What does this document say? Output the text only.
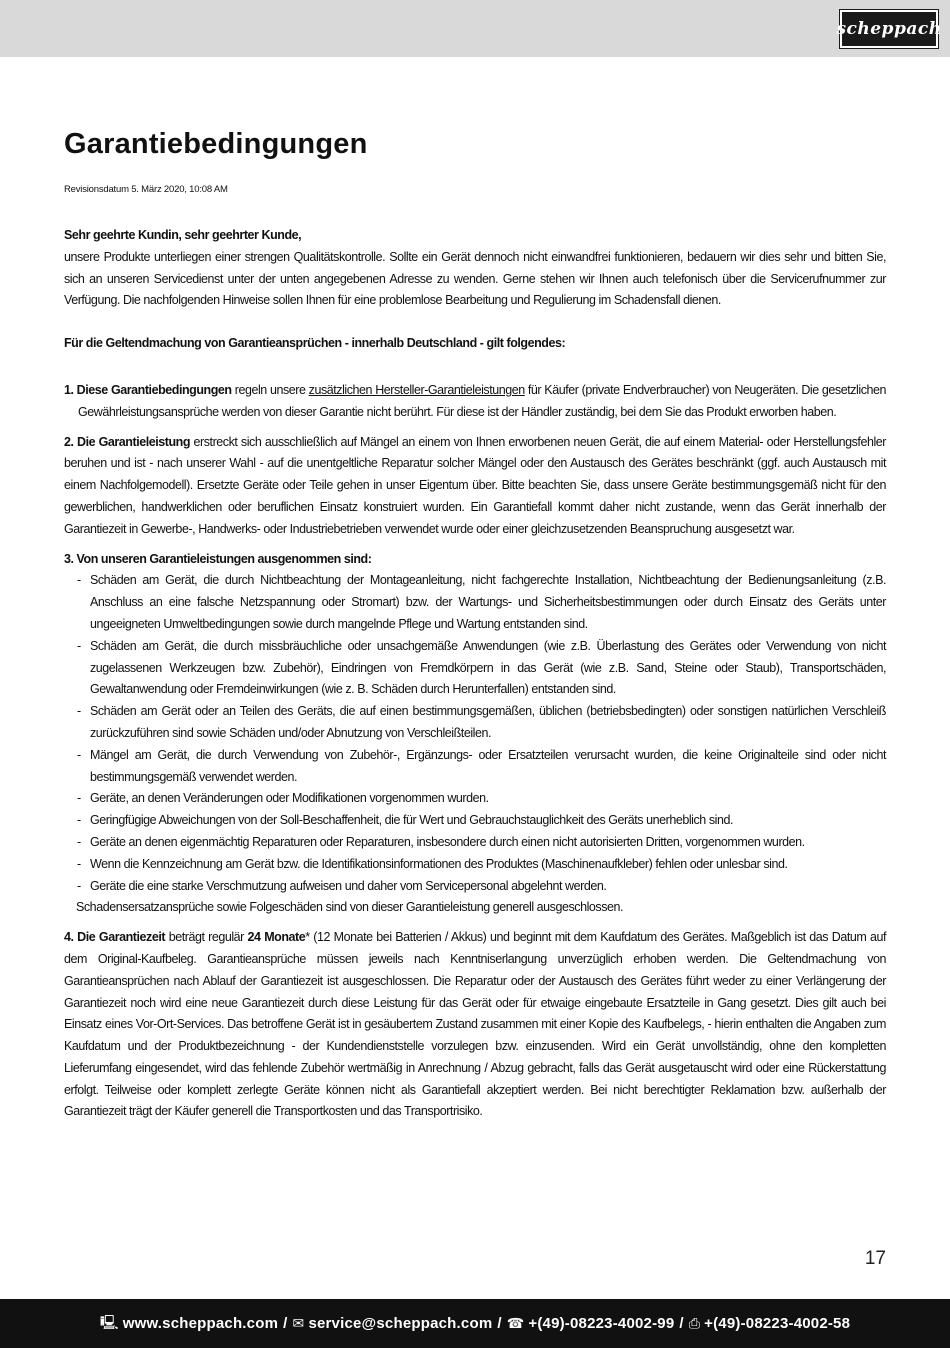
scheppach
Garantiebedingungen
Revisionsdatum 5. März 2020, 10:08 AM

Sehr geehrte Kundin, sehr geehrter Kunde,

unsere Produkte unterliegen einer strengen Qualitätskontrolle. Sollte ein Gerät dennoch nicht einwandfrei funktionieren, bedauern wir dies sehr und bitten Sie, sich an unseren Servicedienst unter der unten angegebenen Adresse zu wenden. Gerne stehen wir Ihnen auch telefonisch über die Servicerufnummer zur Verfügung. Die nachfolgenden Hinweise sollen Ihnen für eine problemlose Bearbeitung und Regulierung im Schadensfall dienen.

Für die Geltendmachung von Garantieansprüchen - innerhalb Deutschland - gilt folgendes:

1. Diese Garantiebedingungen regeln unsere zusätzlichen Hersteller-Garantieleistungen für Käufer (private Endverbraucher) von Neugeräten. Die gesetzlichen Gewährleistungsansprüche werden von dieser Garantie nicht berührt. Für diese ist der Händler zuständig, bei dem Sie das Produkt erworben haben.

2. Die Garantieleistung erstreckt sich ausschließlich auf Mängel an einem von Ihnen erworbenen neuen Gerät, die auf einem Material- oder Herstellungsfehler beruhen und ist - nach unserer Wahl - auf die unentgeltliche Reparatur solcher Mängel oder den Austausch des Gerätes beschränkt (ggf. auch Austausch mit einem Nachfolgemodell). Ersetzte Geräte oder Teile gehen in unser Eigentum über. Bitte beachten Sie, dass unsere Geräte bestimmungsgemäß nicht für den gewerblichen, handwerklichen oder beruflichen Einsatz konstruiert wurden. Ein Garantiefall kommt daher nicht zustande, wenn das Gerät innerhalb der Garantiezeit in Gewerbe-, Handwerks- oder Industriebetrieben verwendet wurde oder einer gleichzusetzenden Beanspruchung ausgesetzt war.

3. Von unseren Garantieleistungen ausgenommen sind:

- Schäden am Gerät, die durch Nichtbeachtung der Montageanleitung, nicht fachgerechte Installation, Nichtbeachtung der Bedienungsanleitung (z.B. Anschluss an eine falsche Netzspannung oder Stromart) bzw. der Wartungs- und Sicherheitsbestimmungen oder durch Einsatz des Geräts unter ungeeigneten Umweltbedingungen sowie durch mangelnde Pflege und Wartung entstanden sind.
- Schäden am Gerät, die durch missbräuchliche oder unsachgemäße Anwendungen (wie z.B. Überlastung des Gerätes oder Verwendung von nicht zugelassenen Werkzeugen bzw. Zubehör), Eindringen von Fremdkörpern in das Gerät (wie z.B. Sand, Steine oder Staub), Transportschäden, Gewaltanwendung oder Fremdeinwirkungen (wie z. B. Schäden durch Herunterfallen) entstanden sind.
- Schäden am Gerät oder an Teilen des Geräts, die auf einen bestimmungsgemäßen, üblichen (betriebsbedingten) oder sonstigen natürlichen Verschleiß zurückzuführen sind sowie Schäden und/oder Abnutzung von Verschleißteilen.
- Mängel am Gerät, die durch Verwendung von Zubehör-, Ergänzungs- oder Ersatzteilen verursacht wurden, die keine Originalteile sind oder nicht bestimmungsgemäß verwendet werden.
- Geräte, an denen Veränderungen oder Modifikationen vorgenommen wurden.
- Geringfügige Abweichungen von der Soll-Beschaffenheit, die für Wert und Gebrauchstauglichkeit des Geräts unerheblich sind.
- Geräte an denen eigenmächtig Reparaturen oder Reparaturen, insbesondere durch einen nicht autorisierten Dritten, vorgenommen wurden.
- Wenn die Kennzeichnung am Gerät bzw. die Identifikationsinformationen des Produktes (Maschinenaufkleber) fehlen oder unlesbar sind.
- Geräte die eine starke Verschmutzung aufweisen und daher vom Servicepersonal abgelehnt werden.

Schadensersatzansprüche sowie Folgeschäden sind von dieser Garantieleistung generell ausgeschlossen.

4. Die Garantiezeit beträgt regulär 24 Monate* (12 Monate bei Batterien / Akkus) und beginnt mit dem Kaufdatum des Gerätes. Maßgeblich ist das Datum auf dem Original-Kaufbeleg. Garantieansprüche müssen jeweils nach Kenntniserlangung unverzüglich erhoben werden. Die Geltendmachung von Garantieansprüchen nach Ablauf der Garantiezeit ist ausgeschlossen. Die Reparatur oder der Austausch des Gerätes führt weder zu einer Verlängerung der Garantiezeit noch wird eine neue Garantiezeit durch diese Leistung für das Gerät oder für etwaige eingebaute Ersatzteile in Gang gesetzt. Dies gilt auch bei Einsatz eines Vor-Ort-Services. Das betroffene Gerät ist in gesäubertem Zustand zusammen mit einer Kopie des Kaufbelegs, - hierin enthalten die Angaben zum Kaufdatum und der Produktbezeichnung - der Kundendienststelle vorzulegen bzw. einzusenden. Wird ein Gerät unvollständig, ohne den kompletten Lieferumfang eingesendet, wird das fehlende Zubehör wertmäßig in Anrechnung / Abzug gebracht, falls das Gerät ausgetauscht wird oder eine Rückerstattung erfolgt. Teilweise oder komplett zerlegte Geräte können nicht als Garantiefall akzeptiert werden. Bei nicht berechtigter Reklamation bzw. außerhalb der Garantiezeit trägt der Käufer generell die Transportkosten und das Transportrisiko.

17
🖳 www.scheppach.com / ✉ service@scheppach.com / ☎ +(49)-08223-4002-99 / ⎙ +(49)-08223-4002-58
